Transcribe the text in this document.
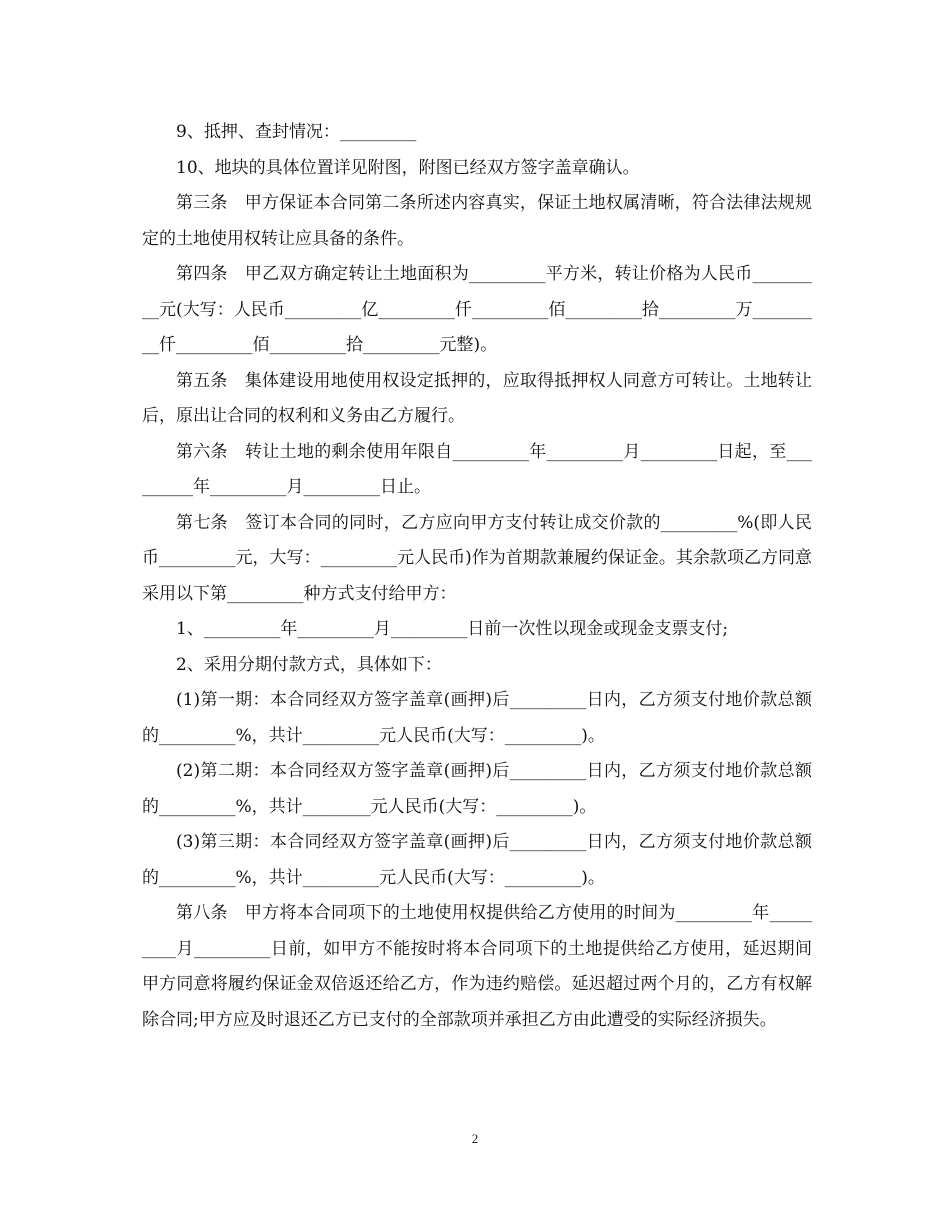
9、抵押、查封情况：_________

10、地块的具体位置详见附图，附图已经双方签字盖章确认。

第三条　甲方保证本合同第二条所述内容真实，保证土地权属清晰，符合法律法规规定的土地使用权转让应具备的条件。

第四条　甲乙双方确定转让土地面积为_________平方米，转让价格为人民币_________元(大写：人民币_________亿_________仟_________佰_________拾_________万_________仟_________佰_________拾_________元整)。

第五条　集体建设用地使用权设定抵押的，应取得抵押权人同意方可转让。土地转让后，原出让合同的权利和义务由乙方履行。

第六条　转让土地的剩余使用年限自_________年_________月_________日起，至_________年_________月_________日止。

第七条　签订本合同的同时，乙方应向甲方支付转让成交价款的_________%(即人民币_________元，大写：_________元人民币)作为首期款兼履约保证金。其余款项乙方同意采用以下第_________种方式支付给甲方：

1、_________年_________月_________日前一次性以现金或现金支票支付;

2、采用分期付款方式，具体如下：

(1)第一期：本合同经双方签字盖章(画押)后_________日内，乙方须支付地价款总额的_________%，共计_________元人民币(大写：_________)。

(2)第二期：本合同经双方签字盖章(画押)后_________日内，乙方须支付地价款总额的_________%，共计________元人民币(大写：_________)。

(3)第三期：本合同经双方签字盖章(画押)后_________日内，乙方须支付地价款总额的_________%，共计_________元人民币(大写：_________)。

第八条　甲方将本合同项下的土地使用权提供给乙方使用的时间为_________年_________月_________日前，如甲方不能按时将本合同项下的土地提供给乙方使用，延迟期间甲方同意将履约保证金双倍返还给乙方，作为违约赔偿。延迟超过两个月的，乙方有权解除合同;甲方应及时退还乙方已支付的全部款项并承担乙方由此遭受的实际经济损失。

2
